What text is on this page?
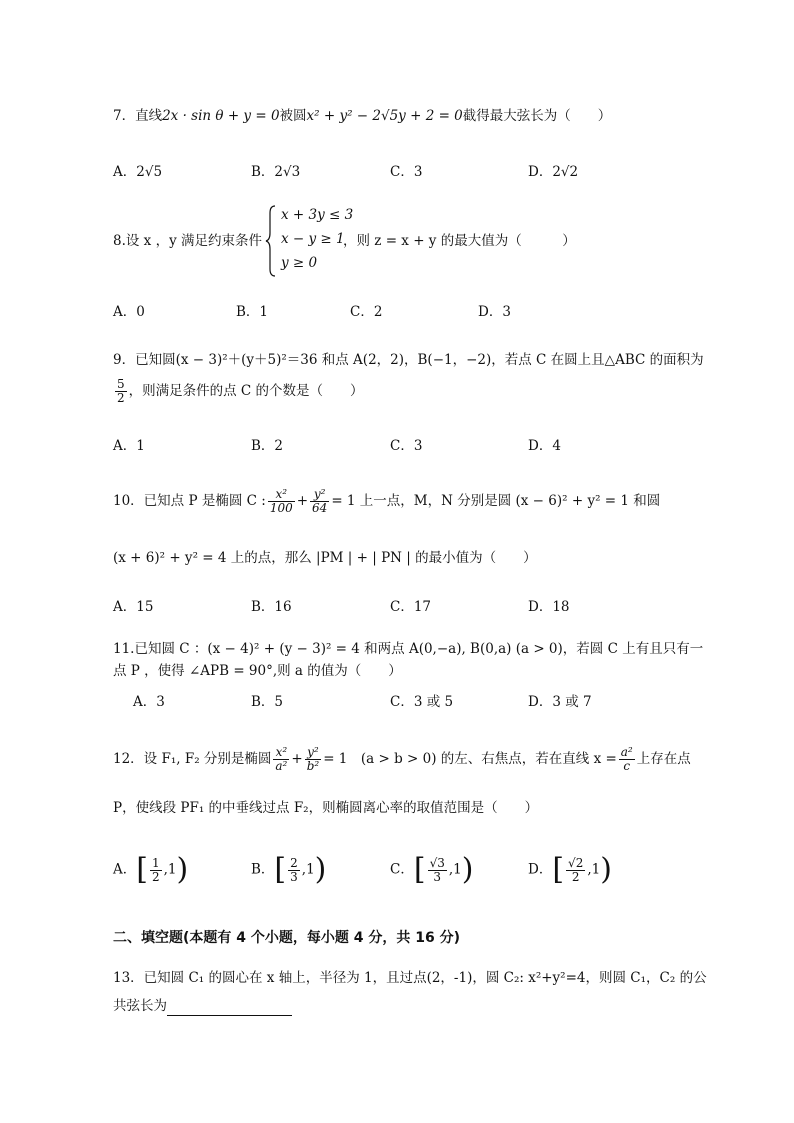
7．直线2x · sin θ + y = 0被圆x² + y² − 2√5y + 2 = 0截得最大弦长为（　　）
A．2√5	B．2√3	C．3	D．2√2
8.设 x ，y 满足约束条件
x + 3y ≤ 3
x − y ≥ 1
y ≥ 0
，则 z = x + y 的最大值为（　　　）
A．0	B．1	C．2	D．3
9．已知圆(x − 3)²＋(y＋5)²＝36 和点 A(2，2)，B(−1，−2)，若点 C 在圆上且△ABC 的面积为
$\frac{5}{2}$ ，则满足条件的点 C 的个数是（　　）
A．1	B．2	C．3	D．4
10．已知点 P 是椭圆 C : $\frac{\text{x²}}{100} + \frac{\text{y²}}{64} = 1$ 上一点，M，N 分别是圆 (x − 6)² + y² = 1 和圆
(x + 6)² + y² = 4 上的点，那么 |PM | + | PN | 的最小值为（　　）
A．15	B．16	C．17	D．18
11.已知圆 C ：(x − 4)² + (y − 3)² = 4 和两点 A(0,−a), B(0,a) (a > 0)，若圆 C 上有且只有一
点 P ，使得 ∠APB = 90°,则 a 的值为（　　）
A．3	B．5	C．3 或 5	D．3 或 7
12．设 F₁, F₂ 分别是椭圆 $\frac{\text{x²}}{\text{a²}} + \frac{\text{y²}}{\text{b²}} = 1$　(a > b > 0) 的左、右焦点，若在直线 $x = \frac{\text{a²}}{c}$ 上存在点
P，使线段 PF₁ 的中垂线过点 F₂，则椭圆离心率的取值范围是（　　）
A．[ $\frac{1}{2} ,1$)	B．[ $\frac{2}{3} ,1$)	C．[ $\frac{√3}{3} ,1$)	D．[ $\frac{√2}{2} ,1$)
二、填空题(本题有 4 个小题，每小题 4 分，共 16 分)
13．已知圆 C₁ 的圆心在 x 轴上，半径为 1，且过点(2，-1)，圆 C₂: x²+y²=4，则圆 C₁，C₂ 的公
共弦长为
